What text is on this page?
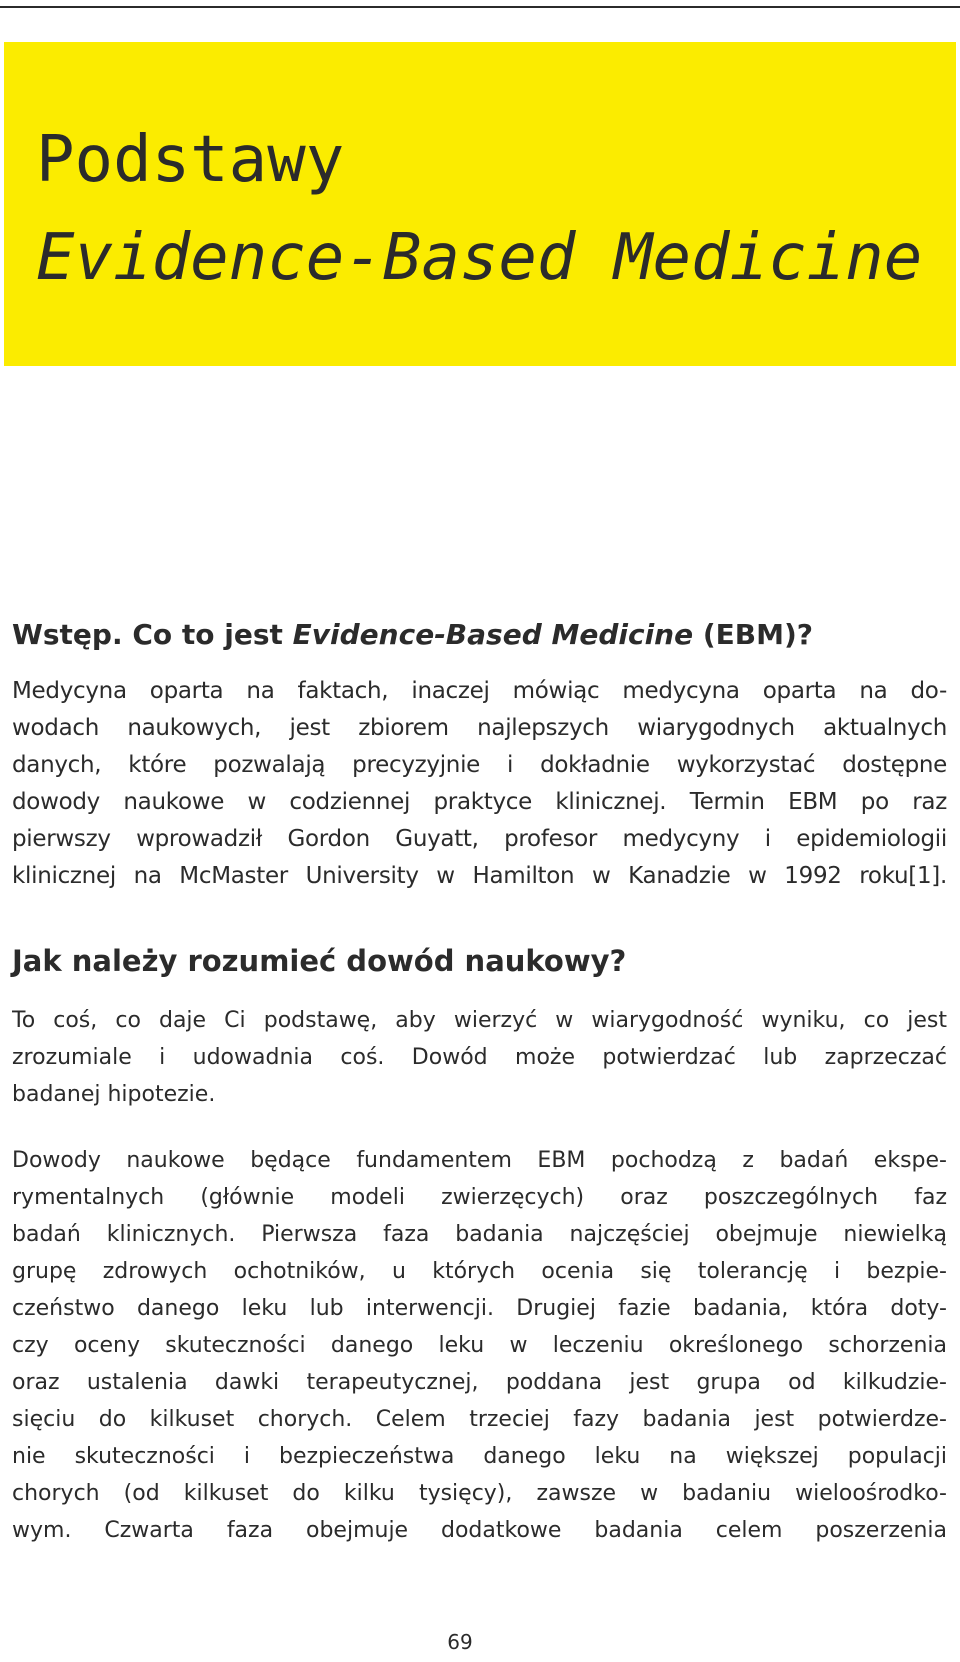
Podstawy
Evidence-Based Medicine
Wstęp. Co to jest Evidence-Based Medicine (EBM)?
Medycyna oparta na faktach, inaczej mówiąc medycyna oparta na do-
wodach naukowych, jest zbiorem najlepszych wiarygodnych aktualnych
danych, które pozwalają precyzyjnie i dokładnie wykorzystać dostępne
dowody naukowe w codziennej praktyce klinicznej. Termin EBM po raz
pierwszy wprowadził Gordon Guyatt, profesor medycyny i epidemiologii
klinicznej na McMaster University w Hamilton w Kanadzie w 1992 roku[1].
Jak należy rozumieć dowód naukowy?
To coś, co daje Ci podstawę, aby wierzyć w wiarygodność wyniku, co jest
zrozumiale i udowadnia coś. Dowód może potwierdzać lub zaprzeczać
badanej hipotezie.
Dowody naukowe będące fundamentem EBM pochodzą z badań ekspe-
rymentalnych (głównie modeli zwierzęcych) oraz poszczególnych faz
badań klinicznych. Pierwsza faza badania najczęściej obejmuje niewielką
grupę zdrowych ochotników, u których ocenia się tolerancję i bezpie-
czeństwo danego leku lub interwencji. Drugiej fazie badania, która doty-
czy oceny skuteczności danego leku w leczeniu określonego schorzenia
oraz ustalenia dawki terapeutycznej, poddana jest grupa od kilkudzie-
sięciu do kilkuset chorych. Celem trzeciej fazy badania jest potwierdze-
nie skuteczności i bezpieczeństwa danego leku na większej populacji
chorych (od kilkuset do kilku tysięcy), zawsze w badaniu wieloośrodko-
wym. Czwarta faza obejmuje dodatkowe badania celem poszerzenia
69
